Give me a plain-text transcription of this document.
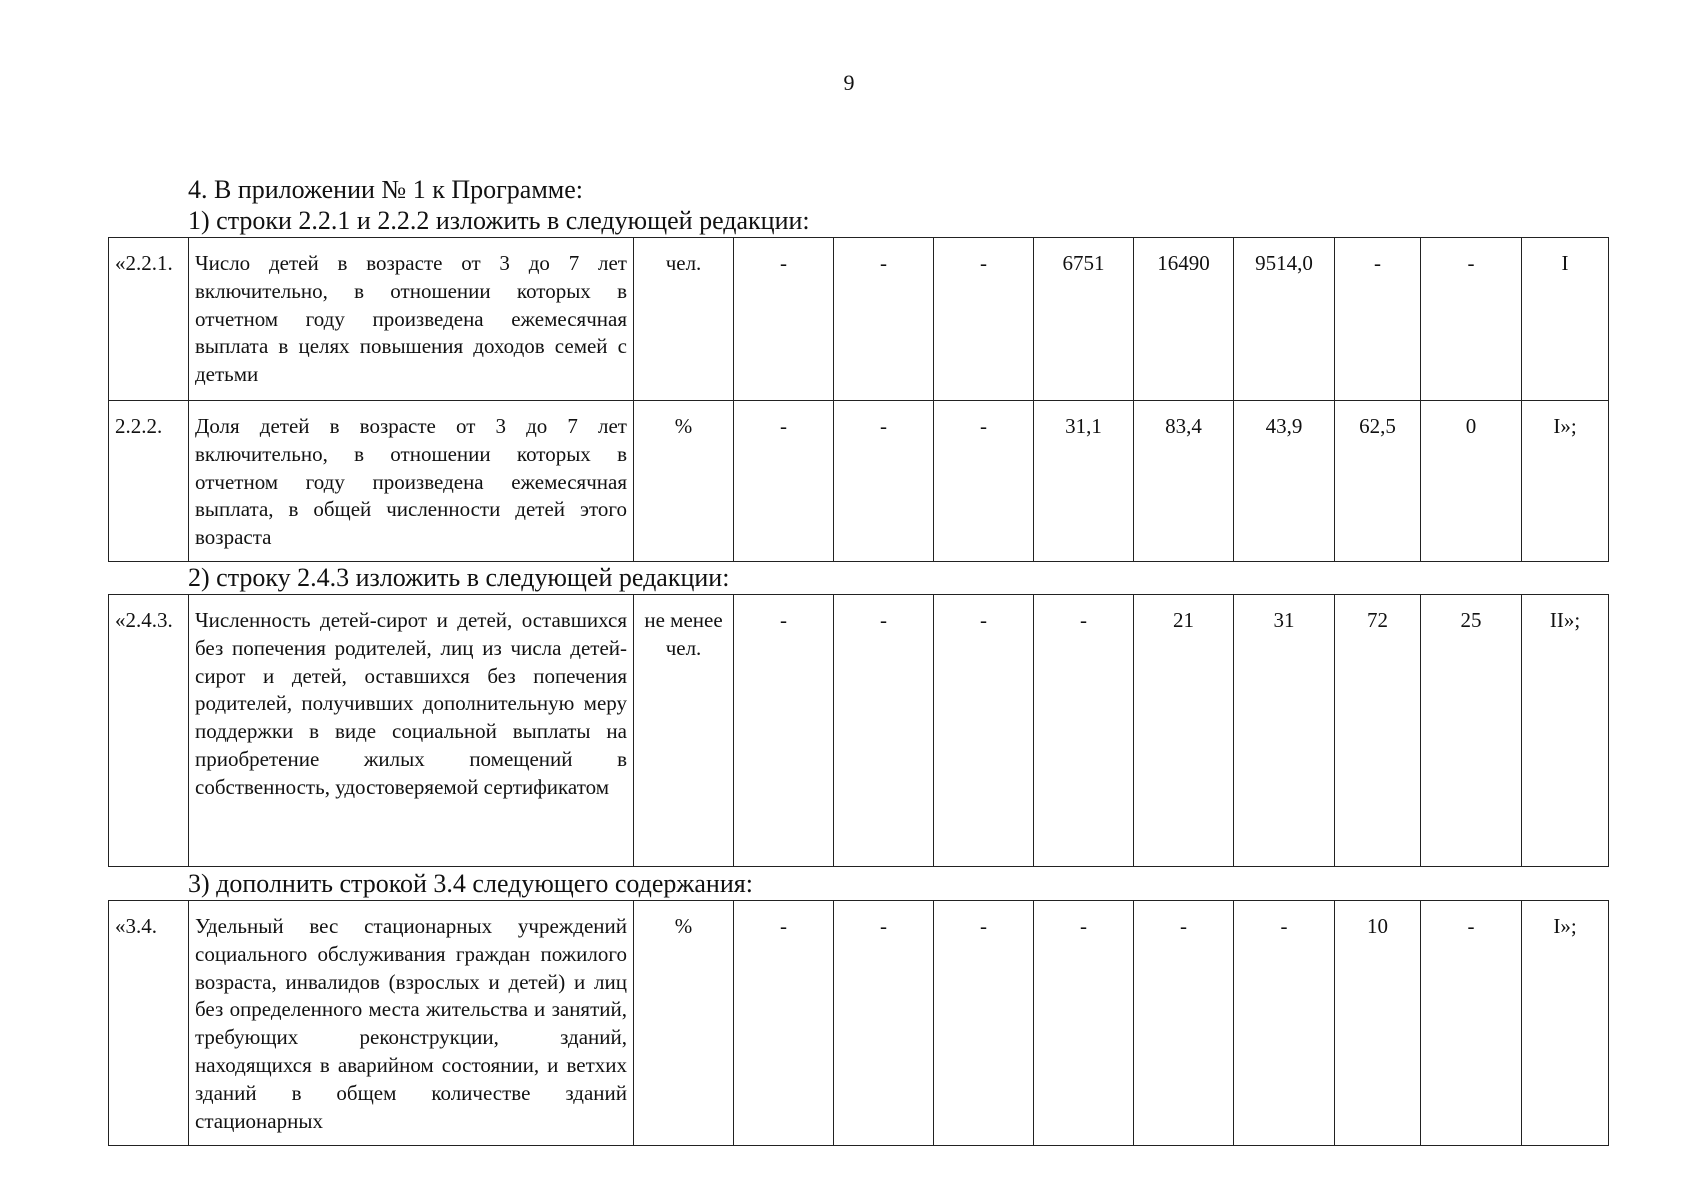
9
4. В приложении № 1 к Программе:
1) строки 2.2.1 и 2.2.2 изложить в следующей редакции:
«2.2.1.	Число детей в возрасте от 3 до 7 лет включительно, в отношении которых в отчетном году произведена ежемесячная выплата в целях повышения доходов семей с детьми	чел.	-	-	-	6751	16490	9514,0	-	-	I
2.2.2.	Доля детей в возрасте от 3 до 7 лет включительно, в отношении которых в отчетном году произведена ежемесячная выплата, в общей численности детей этого возраста	%	-	-	-	31,1	83,4	43,9	62,5	0	I»;
2) строку 2.4.3 изложить в следующей редакции:
«2.4.3.	Численность детей-сирот и детей, оставшихся без попечения родителей, лиц из числа детей-сирот и детей, оставшихся без попечения родителей, получивших дополнительную меру поддержки в виде социальной выплаты на приобретение жилых помещений в собственность, удостоверяемой сертификатом	не менее чел.	-	-	-	-	21	31	72	25	II»;
3) дополнить строкой 3.4 следующего содержания:
«3.4.	Удельный вес стационарных учреждений социального обслуживания граждан пожилого возраста, инвалидов (взрослых и детей) и лиц без определенного места жительства и занятий, требующих реконструкции, зданий, находящихся в аварийном состоянии, и ветхих зданий в общем количестве зданий стационарных	%	-	-	-	-	-	-	10	-	I»;
